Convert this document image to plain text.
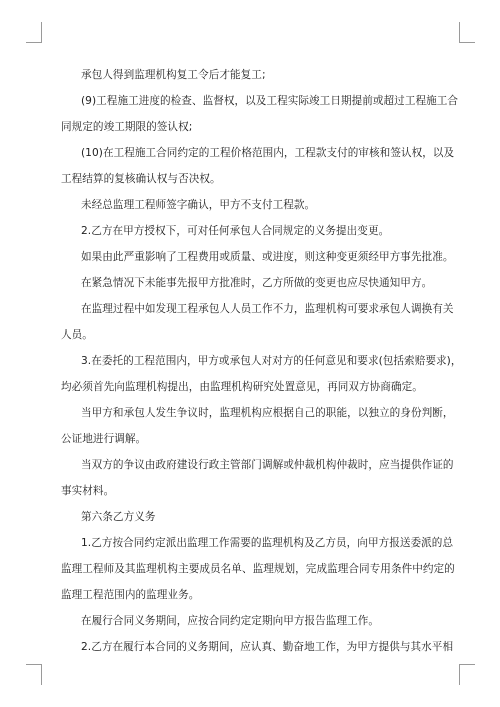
承包人得到监理机构复工令后才能复工;
(9)工程施工进度的检查、监督权，以及工程实际竣工日期提前或超过工程施工合
同规定的竣工期限的签认权;
(10)在工程施工合同约定的工程价格范围内，工程款支付的审核和签认权，以及
工程结算的复核确认权与否决权。
未经总监理工程师签字确认，甲方不支付工程款。
2.乙方在甲方授权下，可对任何承包人合同规定的义务提出变更。
如果由此严重影响了工程费用或质量、或进度，则这种变更须经甲方事先批准。
在紧急情况下未能事先报甲方批准时，乙方所做的变更也应尽快通知甲方。
在监理过程中如发现工程承包人人员工作不力，监理机构可要求承包人调换有关
人员。
3.在委托的工程范围内，甲方或承包人对对方的任何意见和要求(包括索赔要求)，
均必须首先向监理机构提出，由监理机构研究处置意见，再同双方协商确定。
当甲方和承包人发生争议时，监理机构应根据自己的职能，以独立的身份判断，
公证地进行调解。
当双方的争议由政府建设行政主管部门调解或仲裁机构仲裁时，应当提供作证的
事实材料。
第六条乙方义务
1.乙方按合同约定派出监理工作需要的监理机构及乙方员，向甲方报送委派的总
监理工程师及其监理机构主要成员名单、监理规划，完成监理合同专用条件中约定的
监理工程范围内的监理业务。
在履行合同义务期间，应按合同约定定期向甲方报告监理工作。
2.乙方在履行本合同的义务期间，应认真、勤奋地工作，为甲方提供与其水平相
